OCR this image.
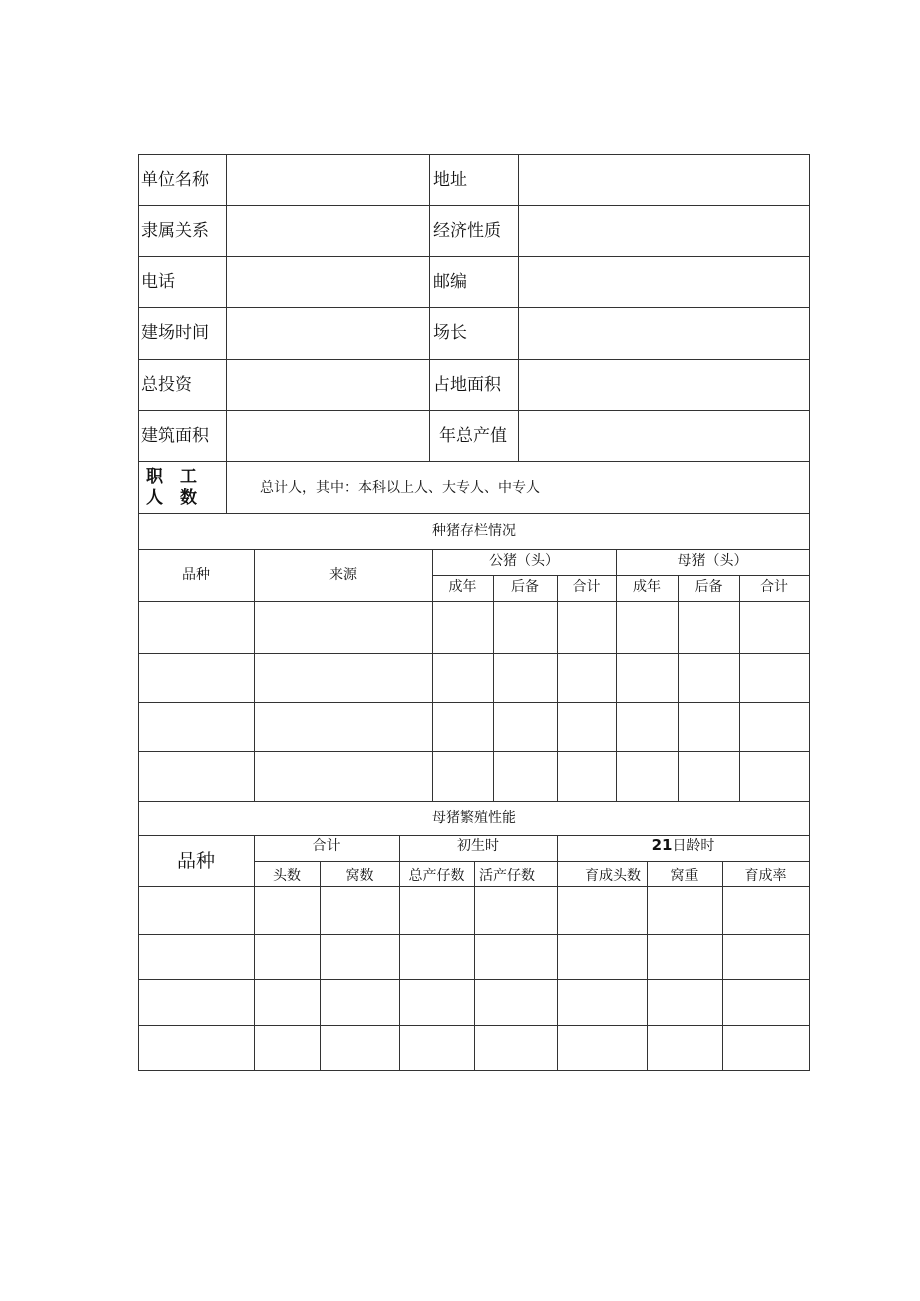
单位名称	地址
隶属关系	经济性质
电话	邮编
建场时间	场长
总投资	占地面积
建筑面积	年总产值
职　工
人　数	总计人，其中：本科以上人、大专人、中专人
种猪存栏情况
品种	来源
公猪（头）	母猪（头）
成年	后备	合计	成年	后备	合计
母猪繁殖性能
品种
合计	初生时	21日龄时
头数	窝数	总产仔数	活产仔数	育成头数	窝重	育成率
